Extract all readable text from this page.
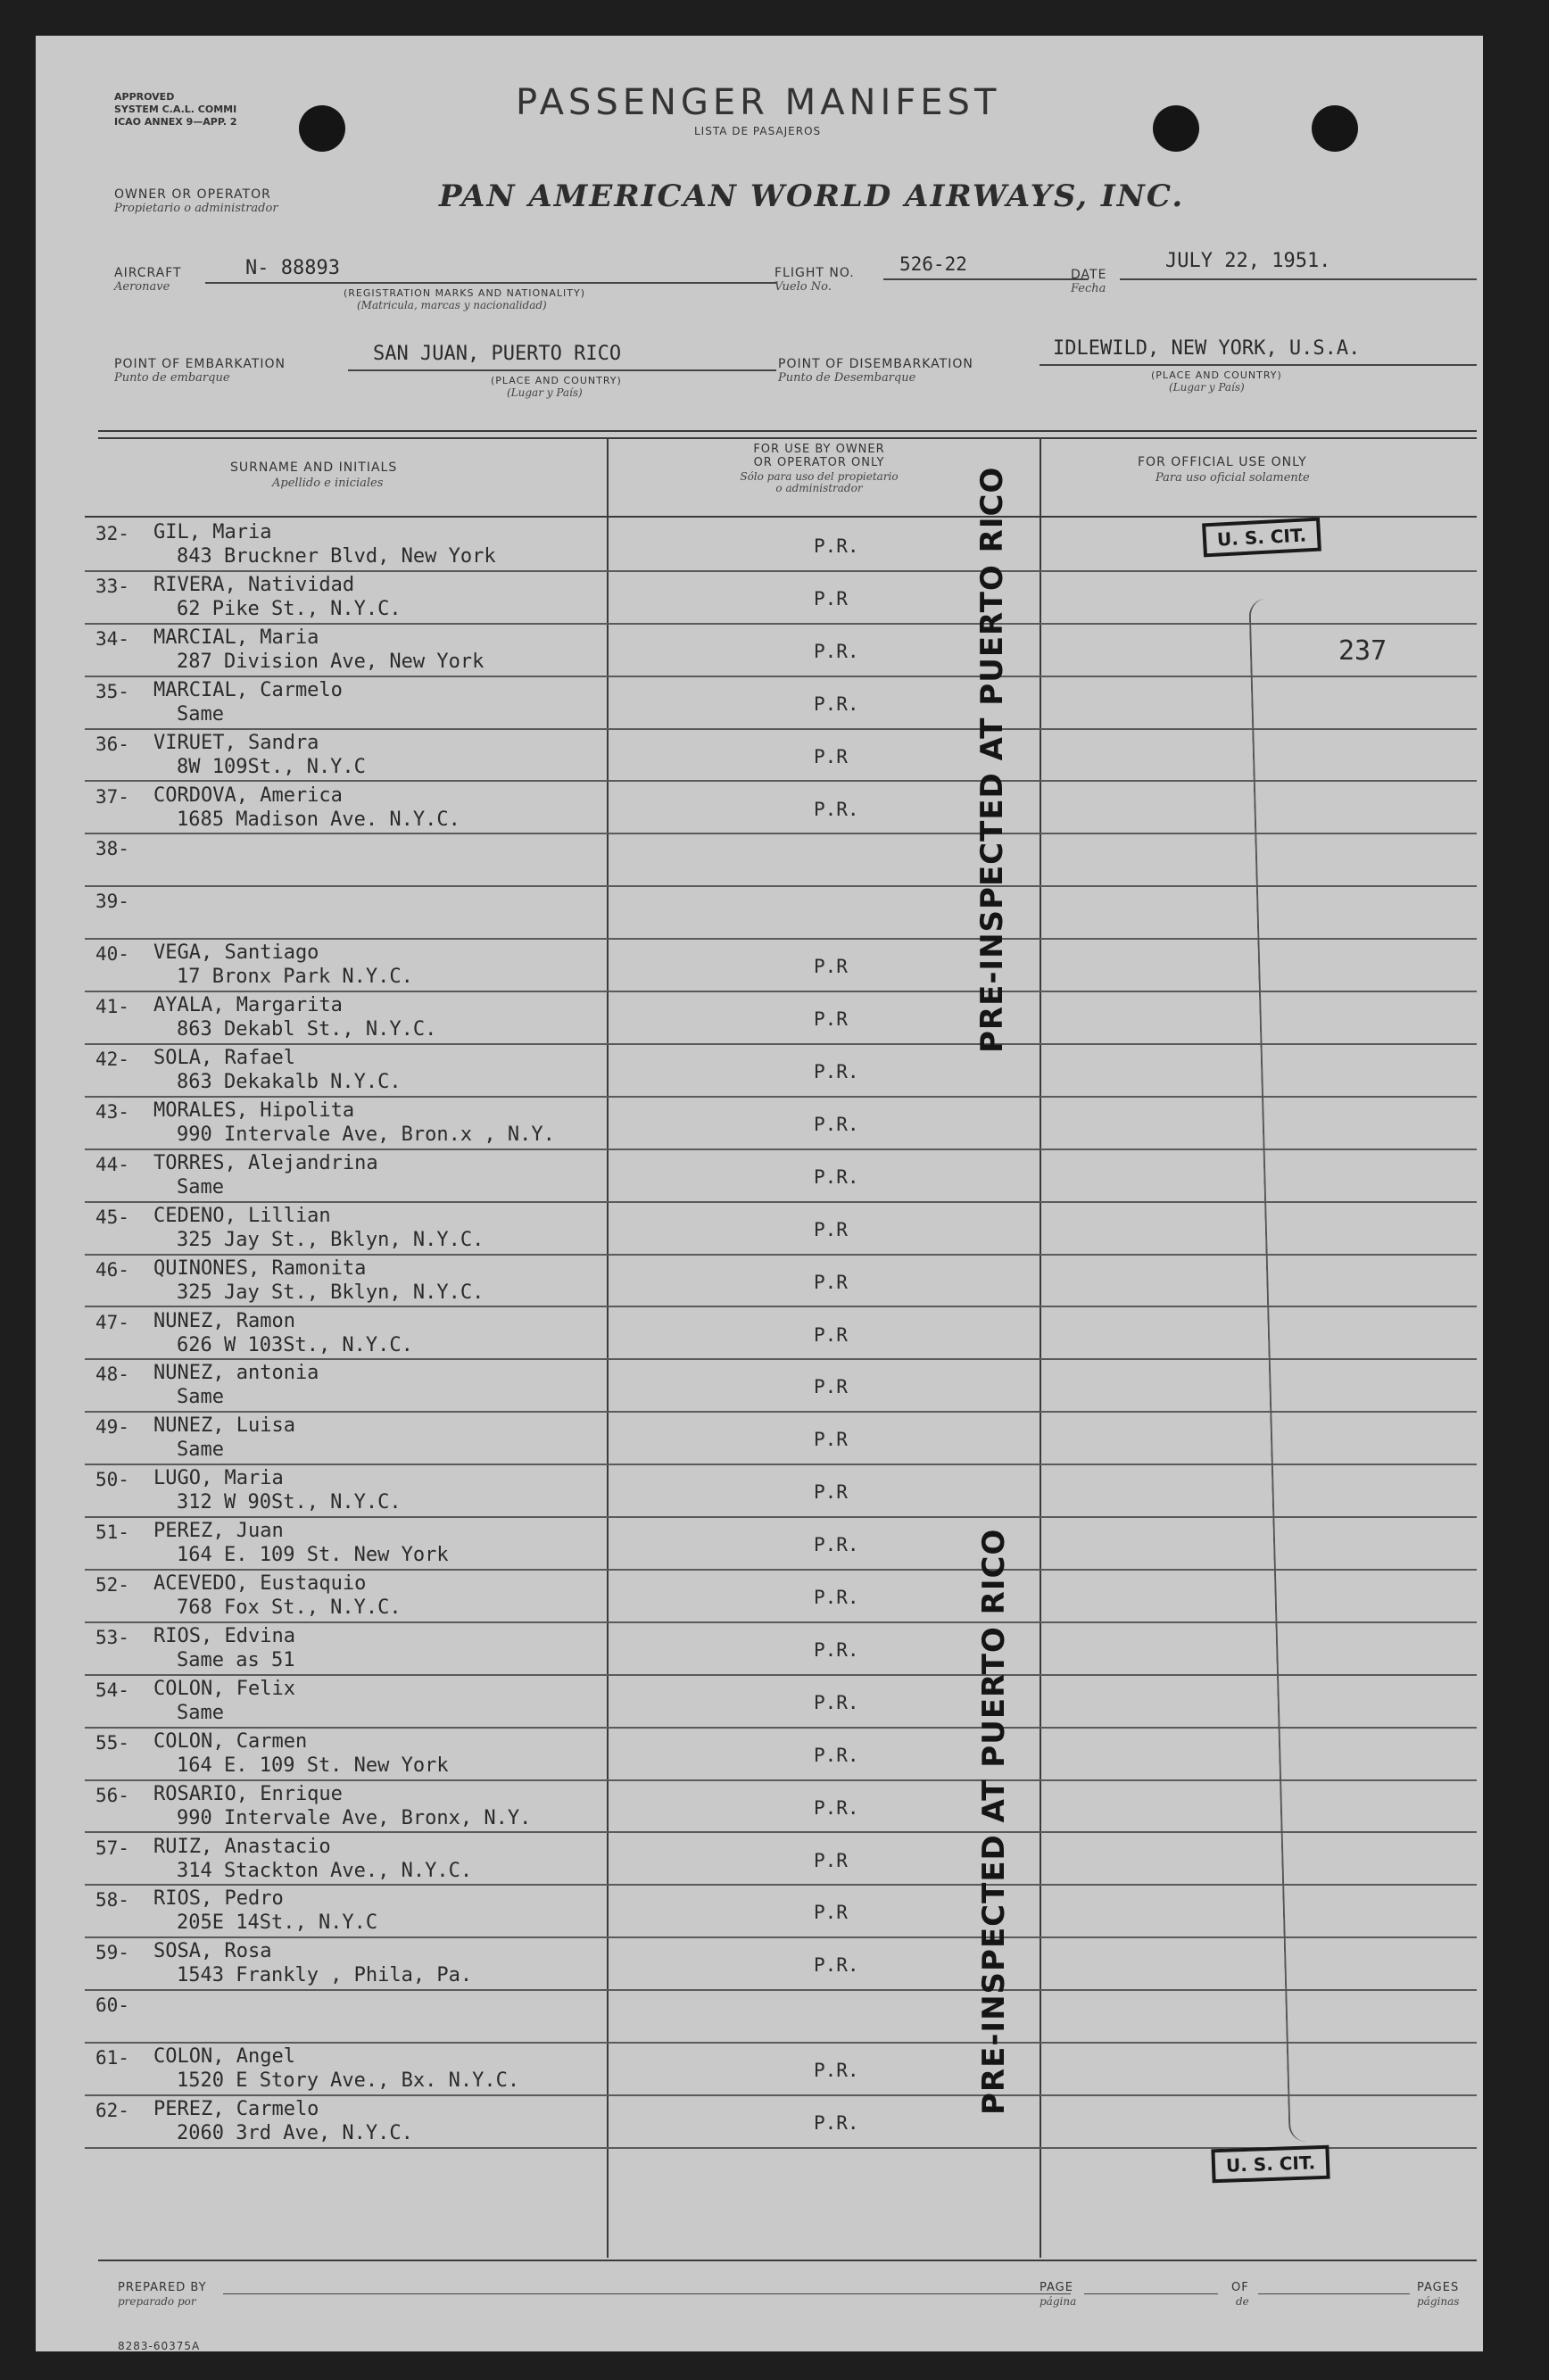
APPROVED
SYSTEM C.A.L. COMMI
ICAO ANNEX 9—APP. 2	PASSENGER MANIFEST
LISTA DE PASAJEROS
OWNER OR OPERATOR
Propietario o administrador	PAN AMERICAN WORLD AIRWAYS, INC.
AIRCRAFT
Aeronave
N- 88893
(REGISTRATION MARKS AND NATIONALITY)
(Matricula, marcas y nacionalidad)
FLIGHT NO.
Vuelo No.
526-22	DATE
Fecha
JULY 22, 1951.
POINT OF EMBARKATION
Punto de embarque
SAN JUAN, PUERTO RICO
(PLACE AND COUNTRY)
(Lugar y País)
POINT OF DISEMBARKATION
Punto de Desembarque
IDLEWILD, NEW YORK, U.S.A.
(PLACE AND COUNTRY)
(Lugar y País)
SURNAME AND INITIALS
Apellido e iniciales
FOR USE BY OWNER
OR OPERATOR ONLY
Sólo para uso del propietario
o administrador
FOR OFFICIAL USE ONLY
Para uso oficial solamente
32- GIL, Maria
843 Bruckner Blvd, New York	P.R.
33- RIVERA, Natividad
62 Pike St., N.Y.C.	P.R
34- MARCIAL, Maria
287 Division Ave, New York	P.R.
35- MARCIAL, Carmelo
Same	P.R.
36- VIRUET, Sandra
8W 109St., N.Y.C	P.R
37- CORDOVA, America
1685 Madison Ave. N.Y.C.	P.R.
38-
39-
40- VEGA, Santiago
17 Bronx Park N.Y.C.	P.R
41- AYALA, Margarita
863 Dekabl St., N.Y.C.	P.R
42- SOLA, Rafael
863 Dekakalb N.Y.C.	P.R.
43- MORALES, Hipolita
990 Intervale Ave, Bron.x , N.Y.	P.R.
44- TORRES, Alejandrina
Same	P.R.
45- CEDENO, Lillian
325 Jay St., Bklyn, N.Y.C.	P.R
46- QUINONES, Ramonita
325 Jay St., Bklyn, N.Y.C.	P.R
47- NUNEZ, Ramon
626 W 103St., N.Y.C.	P.R
48- NUNEZ, antonia
Same	P.R
49- NUNEZ, Luisa
Same	P.R
50- LUGO, Maria
312 W 90St., N.Y.C.	P.R
51- PEREZ, Juan
164 E. 109 St. New York	P.R.
52- ACEVEDO, Eustaquio
768 Fox St., N.Y.C.	P.R.
53- RIOS, Edvina
Same as 51	P.R.
54- COLON, Felix
Same	P.R.
55- COLON, Carmen
164 E. 109 St. New York	P.R.
56- ROSARIO, Enrique
990 Intervale Ave, Bronx, N.Y.	P.R.
57- RUIZ, Anastacio
314 Stackton Ave., N.Y.C.	P.R
58- RIOS, Pedro
205E 14St., N.Y.C	P.R
59- SOSA, Rosa
1543 Frankly , Phila, Pa.	P.R.
60-
61- COLON, Angel
1520 E Story Ave., Bx. N.Y.C.	P.R.
62- PEREZ, Carmelo
2060 3rd Ave, N.Y.C.	P.R.
PRE-INSPECTED AT PUERTO RICO
PRE-INSPECTED AT PUERTO RICO
U. S. CIT.
U. S. CIT.
237
PREPARED BY
preparado por
PAGE
página
OF
de
PAGES
páginas
8283-60375A
